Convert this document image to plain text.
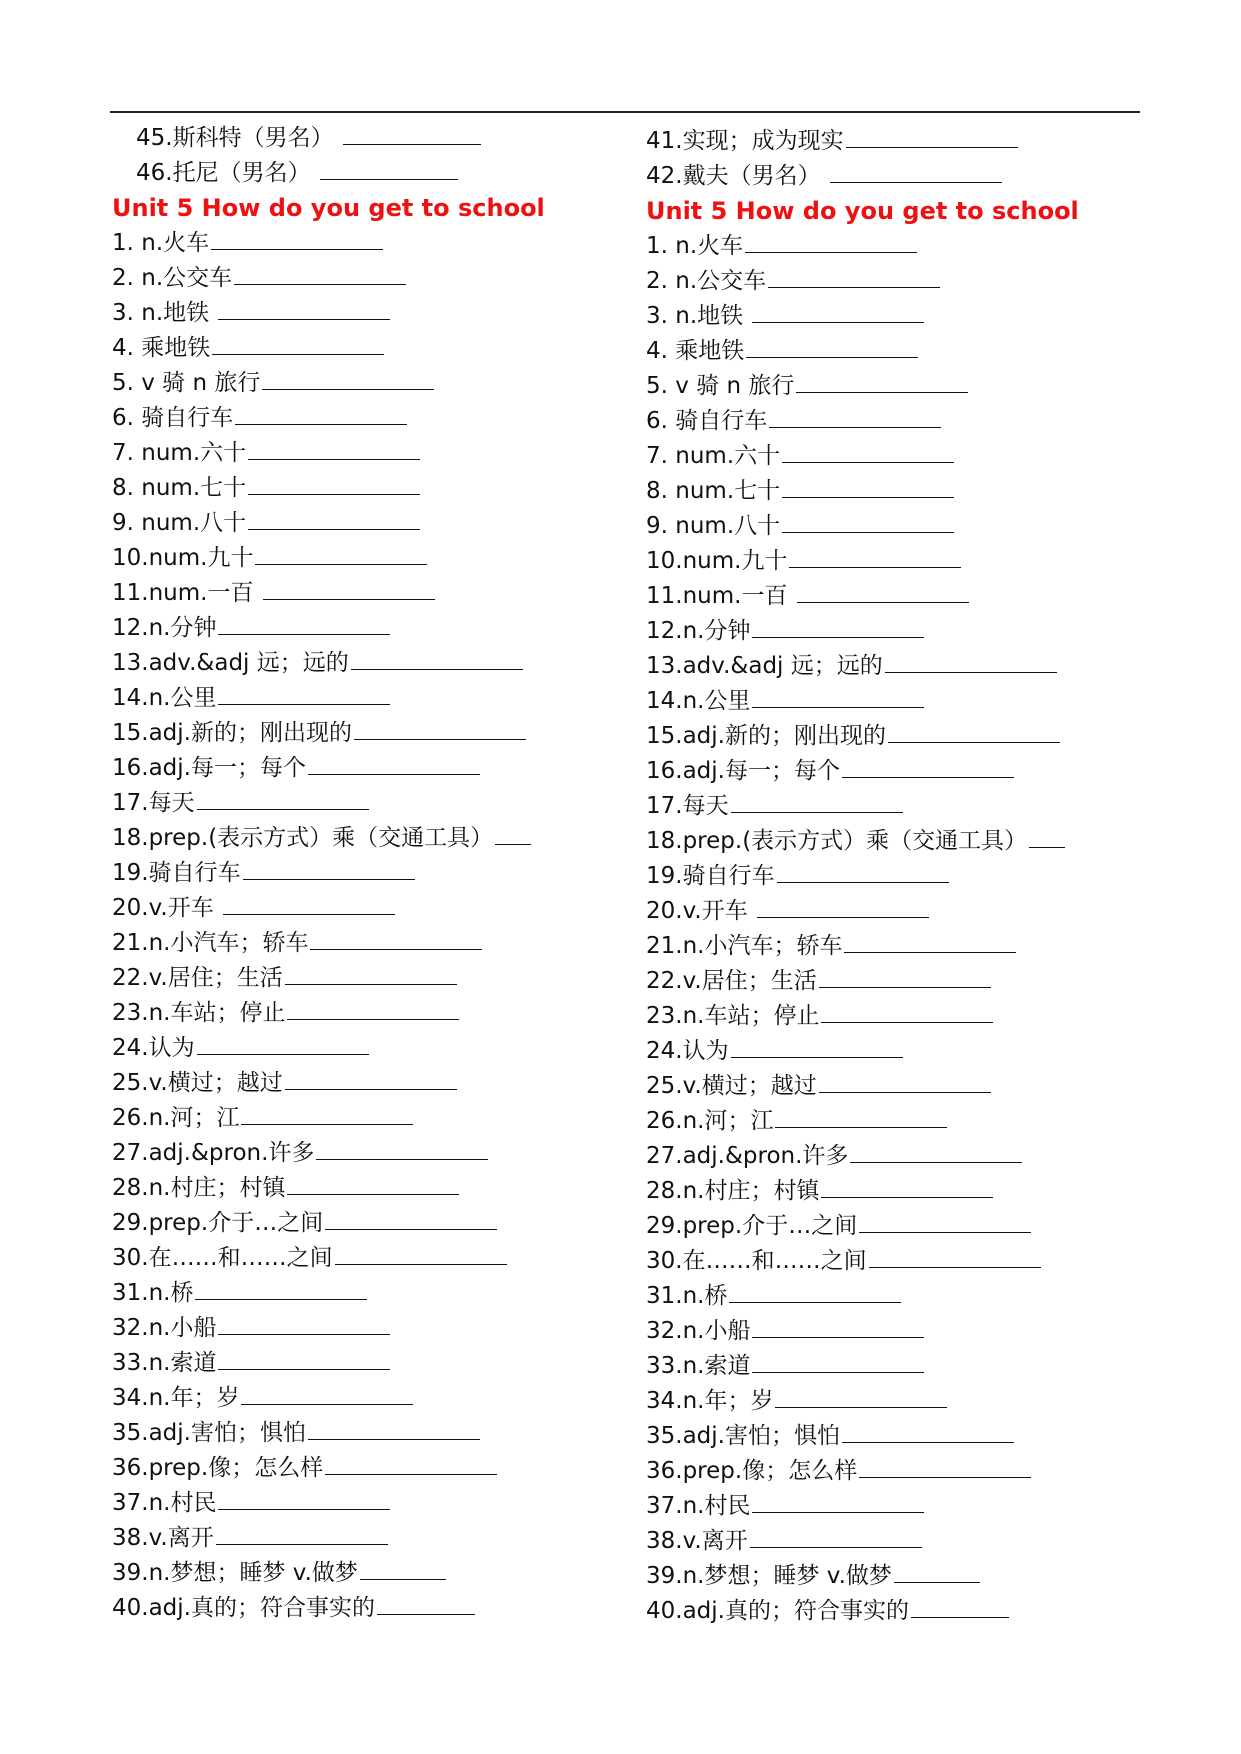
45.斯科特（男名）
46.托尼（男名）
Unit 5 How do you get to school
1. n.火车
2. n.公交车
3. n.地铁
4. 乘地铁
5. v 骑 n 旅行
6. 骑自行车
7. num.六十
8. num.七十
9. num.八十
10.num.九十
11.num.一百
12.n.分钟
13.adv.&adj 远；远的
14.n.公里
15.adj.新的；刚出现的
16.adj.每一；每个
17.每天
18.prep.(表示方式）乘（交通工具）
19.骑自行车
20.v.开车
21.n.小汽车；轿车
22.v.居住；生活
23.n.车站；停止
24.认为
25.v.横过；越过
26.n.河；江
27.adj.&pron.许多
28.n.村庄；村镇
29.prep.介于…之间
30.在……和……之间
31.n.桥
32.n.小船
33.n.索道
34.n.年；岁
35.adj.害怕；惧怕
36.prep.像；怎么样
37.n.村民
38.v.离开
39.n.梦想；睡梦 v.做梦
40.adj.真的；符合事实的
41.实现；成为现实
42.戴夫（男名）
Unit 5 How do you get to school
1. n.火车
2. n.公交车
3. n.地铁
4. 乘地铁
5. v 骑 n 旅行
6. 骑自行车
7. num.六十
8. num.七十
9. num.八十
10.num.九十
11.num.一百
12.n.分钟
13.adv.&adj 远；远的
14.n.公里
15.adj.新的；刚出现的
16.adj.每一；每个
17.每天
18.prep.(表示方式）乘（交通工具）
19.骑自行车
20.v.开车
21.n.小汽车；轿车
22.v.居住；生活
23.n.车站；停止
24.认为
25.v.横过；越过
26.n.河；江
27.adj.&pron.许多
28.n.村庄；村镇
29.prep.介于…之间
30.在……和……之间
31.n.桥
32.n.小船
33.n.索道
34.n.年；岁
35.adj.害怕；惧怕
36.prep.像；怎么样
37.n.村民
38.v.离开
39.n.梦想；睡梦 v.做梦
40.adj.真的；符合事实的
